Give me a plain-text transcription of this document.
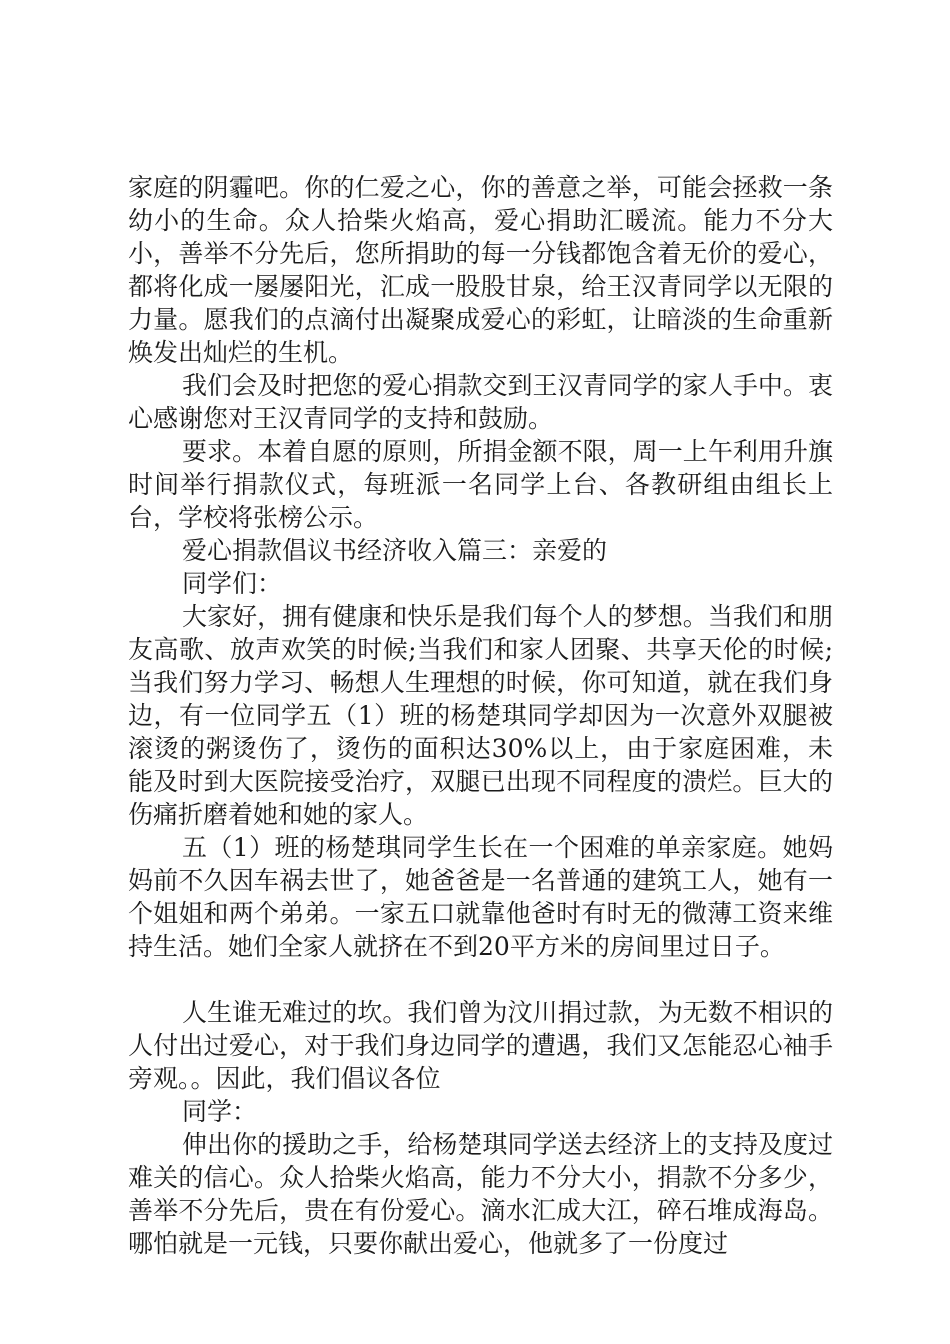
家庭的阴霾吧。你的仁爱之心，你的善意之举，可能会拯救一条幼小的生命。众人拾柴火焰高，爱心捐助汇暖流。能力不分大小，善举不分先后，您所捐助的每一分钱都饱含着无价的爱心，都将化成一屡屡阳光，汇成一股股甘泉，给王汉青同学以无限的力量。愿我们的点滴付出凝聚成爱心的彩虹，让暗淡的生命重新焕发出灿烂的生机。

我们会及时把您的爱心捐款交到王汉青同学的家人手中。衷心感谢您对王汉青同学的支持和鼓励。

要求。本着自愿的原则，所捐金额不限，周一上午利用升旗时间举行捐款仪式，每班派一名同学上台、各教研组由组长上台，学校将张榜公示。

爱心捐款倡议书经济收入篇三：亲爱的

同学们：

大家好，拥有健康和快乐是我们每个人的梦想。当我们和朋友高歌、放声欢笑的时候;当我们和家人团聚、共享天伦的时候;当我们努力学习、畅想人生理想的时候，你可知道，就在我们身边，有一位同学五（1）班的杨楚琪同学却因为一次意外双腿被滚烫的粥烫伤了，烫伤的面积达30%以上，由于家庭困难，未能及时到大医院接受治疗，双腿已出现不同程度的溃烂。巨大的伤痛折磨着她和她的家人。

五（1）班的杨楚琪同学生长在一个困难的单亲家庭。她妈妈前不久因车祸去世了，她爸爸是一名普通的建筑工人，她有一个姐姐和两个弟弟。一家五口就靠他爸时有时无的微薄工资来维持生活。她们全家人就挤在不到20平方米的房间里过日子。

人生谁无难过的坎。我们曾为汶川捐过款，为无数不相识的人付出过爱心，对于我们身边同学的遭遇，我们又怎能忍心袖手旁观。。因此，我们倡议各位

同学：

伸出你的援助之手，给杨楚琪同学送去经济上的支持及度过难关的信心。众人拾柴火焰高，能力不分大小，捐款不分多少，善举不分先后，贵在有份爱心。滴水汇成大江，碎石堆成海岛。哪怕就是一元钱，只要你献出爱心，他就多了一份度过
